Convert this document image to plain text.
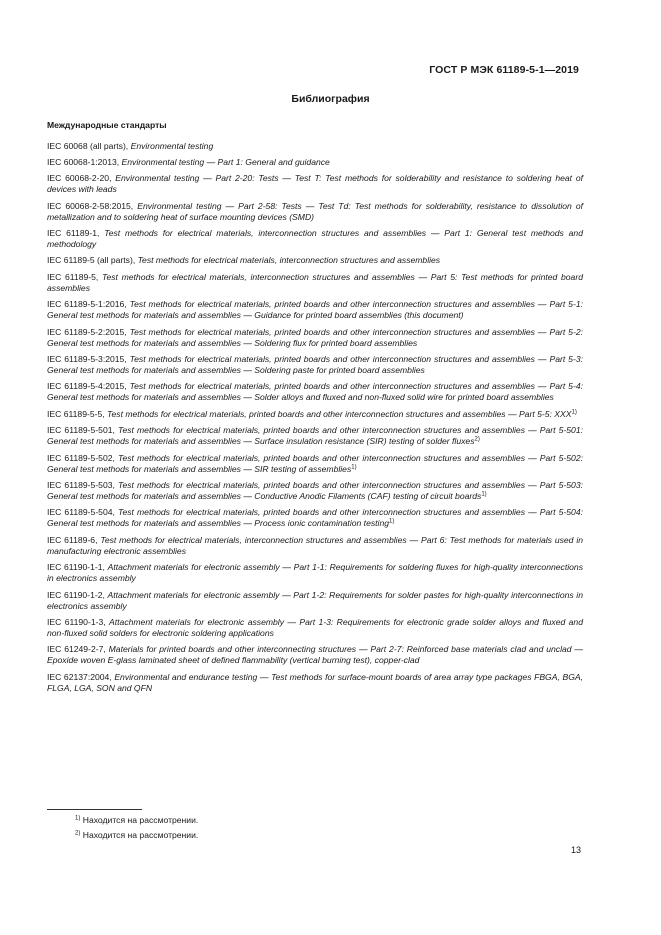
ГОСТ Р МЭК 61189-5-1—2019
Библиография
Международные стандарты
IEC 60068 (all parts), Environmental testing
IEC 60068-1:2013, Environmental testing — Part 1: General and guidance
IEC 60068-2-20, Environmental testing — Part 2-20: Tests — Test T: Test methods for solderability and resistance to soldering heat of devices with leads
IEC 60068-2-58:2015, Environmental testing — Part 2-58: Tests — Test Td: Test methods for solderability, resistance to dissolution of metallization and to soldering heat of surface mounting devices (SMD)
IEC 61189-1, Test methods for electrical materials, interconnection structures and assemblies — Part 1: General test methods and methodology
IEC 61189-5 (all parts), Test methods for electrical materials, interconnection structures and assemblies
IEC 61189-5, Test methods for electrical materials, interconnection structures and assemblies — Part 5: Test methods for printed board assemblies
IEC 61189-5-1:2016, Test methods for electrical materials, printed boards and other interconnection structures and assemblies — Part 5-1: General test methods for materials and assemblies — Guidance for printed board assemblies (this document)
IEC 61189-5-2:2015, Test methods for electrical materials, printed boards and other interconnection structures and assemblies — Part 5-2: General test methods for materials and assemblies — Soldering flux for printed board assemblies
IEC 61189-5-3:2015, Test methods for electrical materials, printed boards and other interconnection structures and assemblies — Part 5-3: General test methods for materials and assemblies — Soldering paste for printed board assemblies
IEC 61189-5-4:2015, Test methods for electrical materials, printed boards and other interconnection structures and assemblies — Part 5-4: General test methods for materials and assemblies — Solder alloys and fluxed and non-fluxed solid wire for printed board assemblies
IEC 61189-5-5, Test methods for electrical materials, printed boards and other interconnection structures and assemblies — Part 5-5: XXX$^{1)}$
IEC 61189-5-501, Test methods for electrical materials, printed boards and other interconnection structures and assemblies — Part 5-501: General test methods for materials and assemblies — Surface insulation resistance (SIR) testing of solder fluxes$^{2)}$
IEC 61189-5-502, Test methods for electrical materials, printed boards and other interconnection structures and assemblies — Part 5-502: General test methods for materials and assemblies — SIR testing of assemblies$^{1)}$
IEC 61189-5-503, Test methods for electrical materials, printed boards and other interconnection structures and assemblies — Part 5-503: General test methods for materials and assemblies — Conductive Anodic Filaments (CAF) testing of circuit boards$^{1)}$
IEC 61189-5-504, Test methods for electrical materials, printed boards and other interconnection structures and assemblies — Part 5-504: General test methods for materials and assemblies — Process ionic contamination testing$^{1)}$
IEC 61189-6, Test methods for electrical materials, interconnection structures and assemblies — Part 6: Test methods for materials used in manufacturing electronic assemblies
IEC 61190-1-1, Attachment materials for electronic assembly — Part 1-1: Requirements for soldering fluxes for high-quality interconnections in electronics assembly
IEC 61190-1-2, Attachment materials for electronic assembly — Part 1-2: Requirements for solder pastes for high-quality interconnections in electronics assembly
IEC 61190-1-3, Attachment materials for electronic assembly — Part 1-3: Requirements for electronic grade solder alloys and fluxed and non-fluxed solid solders for electronic soldering applications
IEC 61249-2-7, Materials for printed boards and other interconnecting structures — Part 2-7: Reinforced base materials clad and unclad — Epoxide woven E-glass laminated sheet of defined flammability (vertical burning test), copper-clad
IEC 62137:2004, Environmental and endurance testing — Test methods for surface-mount boards of area array type packages FBGA, BGA, FLGA, LGA, SON and QFN
$^{1)}$ Находится на рассмотрении.
$^{2)}$ Находится на рассмотрении.
13
